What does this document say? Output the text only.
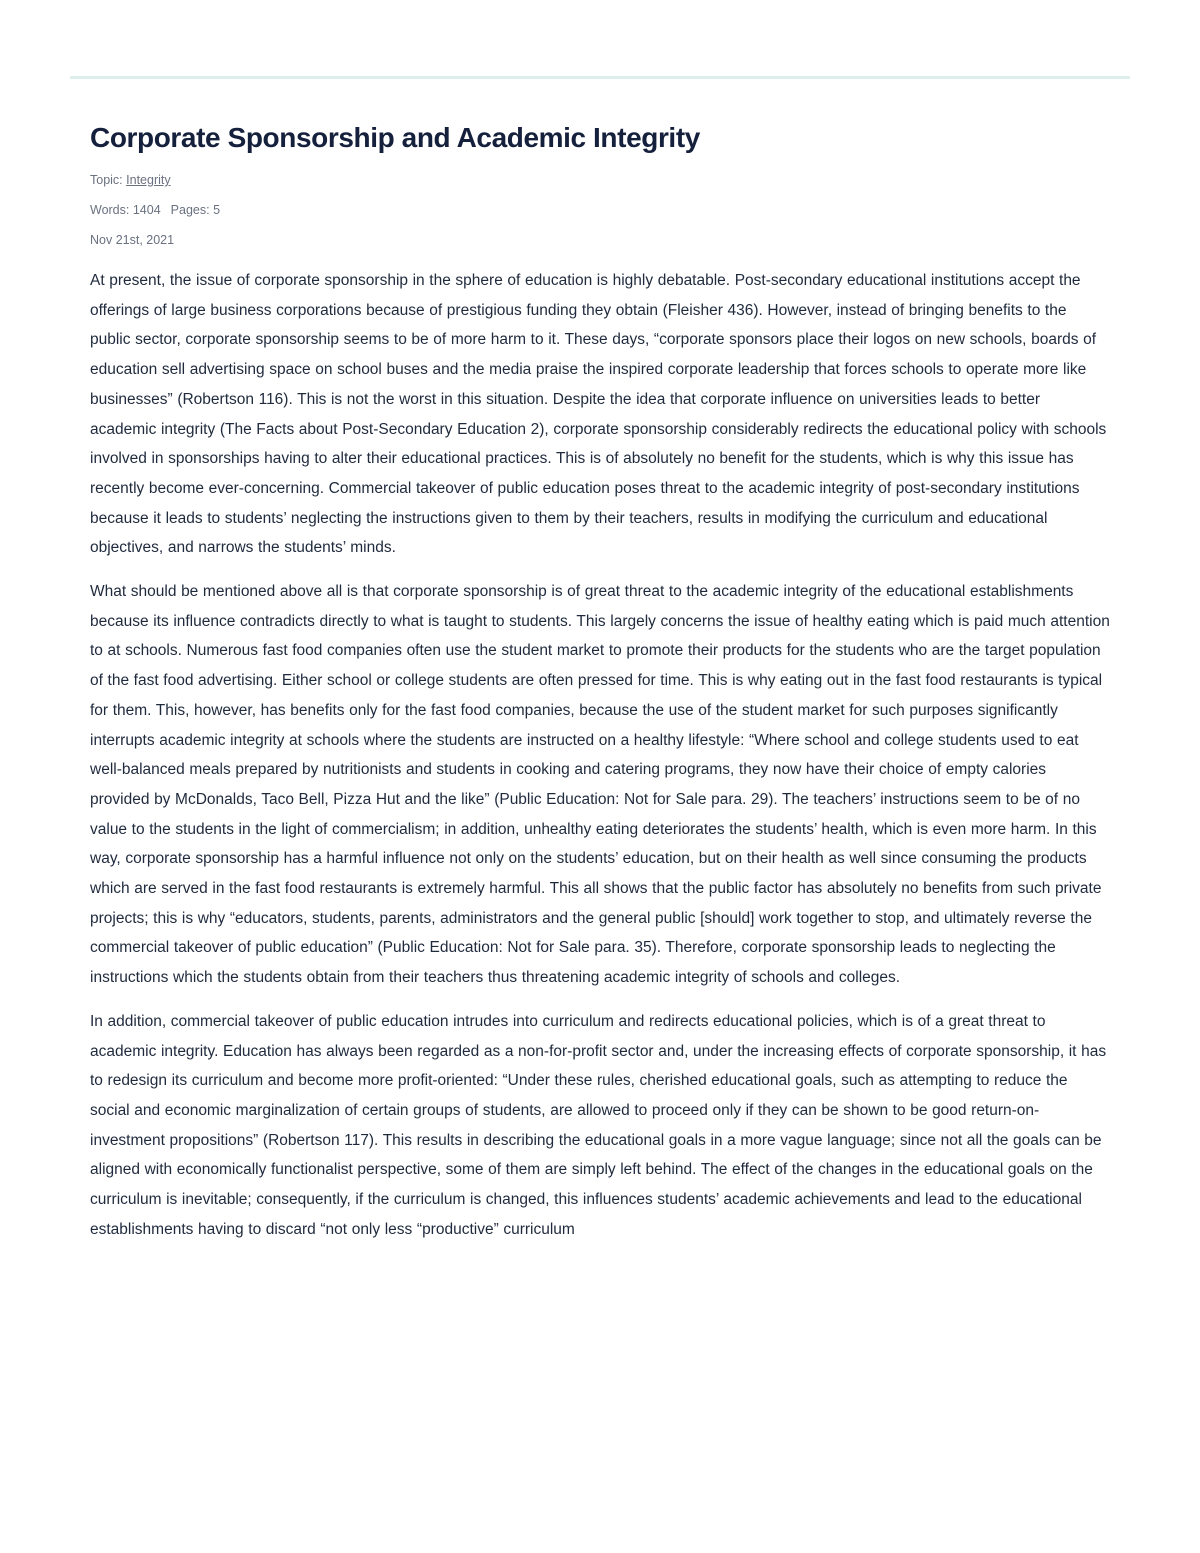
Corporate Sponsorship and Academic Integrity

Topic: Integrity

Words: 1404 Pages: 5

Nov 21st, 2021

At present, the issue of corporate sponsorship in the sphere of education is highly debatable. Post-secondary educational institutions accept the offerings of large business corporations because of prestigious funding they obtain (Fleisher 436). However, instead of bringing benefits to the public sector, corporate sponsorship seems to be of more harm to it. These days, “corporate sponsors place their logos on new schools, boards of education sell advertising space on school buses and the media praise the inspired corporate leadership that forces schools to operate more like businesses” (Robertson 116). This is not the worst in this situation. Despite the idea that corporate influence on universities leads to better academic integrity (The Facts about Post-Secondary Education 2), corporate sponsorship considerably redirects the educational policy with schools involved in sponsorships having to alter their educational practices. This is of absolutely no benefit for the students, which is why this issue has recently become ever-concerning. Commercial takeover of public education poses threat to the academic integrity of post-secondary institutions because it leads to students’ neglecting the instructions given to them by their teachers, results in modifying the curriculum and educational objectives, and narrows the students’ minds.

What should be mentioned above all is that corporate sponsorship is of great threat to the academic integrity of the educational establishments because its influence contradicts directly to what is taught to students. This largely concerns the issue of healthy eating which is paid much attention to at schools. Numerous fast food companies often use the student market to promote their products for the students who are the target population of the fast food advertising. Either school or college students are often pressed for time. This is why eating out in the fast food restaurants is typical for them. This, however, has benefits only for the fast food companies, because the use of the student market for such purposes significantly interrupts academic integrity at schools where the students are instructed on a healthy lifestyle: “Where school and college students used to eat well-balanced meals prepared by nutritionists and students in cooking and catering programs, they now have their choice of empty calories provided by McDonalds, Taco Bell, Pizza Hut and the like” (Public Education: Not for Sale para. 29). The teachers’ instructions seem to be of no value to the students in the light of commercialism; in addition, unhealthy eating deteriorates the students’ health, which is even more harm. In this way, corporate sponsorship has a harmful influence not only on the students’ education, but on their health as well since consuming the products which are served in the fast food restaurants is extremely harmful. This all shows that the public factor has absolutely no benefits from such private projects; this is why “educators, students, parents, administrators and the general public [should] work together to stop, and ultimately reverse the commercial takeover of public education” (Public Education: Not for Sale para. 35). Therefore, corporate sponsorship leads to neglecting the instructions which the students obtain from their teachers thus threatening academic integrity of schools and colleges.

In addition, commercial takeover of public education intrudes into curriculum and redirects educational policies, which is of a great threat to academic integrity. Education has always been regarded as a non-for-profit sector and, under the increasing effects of corporate sponsorship, it has to redesign its curriculum and become more profit-oriented: “Under these rules, cherished educational goals, such as attempting to reduce the social and economic marginalization of certain groups of students, are allowed to proceed only if they can be shown to be good return-on-investment propositions” (Robertson 117). This results in describing the educational goals in a more vague language; since not all the goals can be aligned with economically functionalist perspective, some of them are simply left behind. The effect of the changes in the educational goals on the curriculum is inevitable; consequently, if the curriculum is changed, this influences students’ academic achievements and lead to the educational establishments having to discard “not only less “productive” curriculum
